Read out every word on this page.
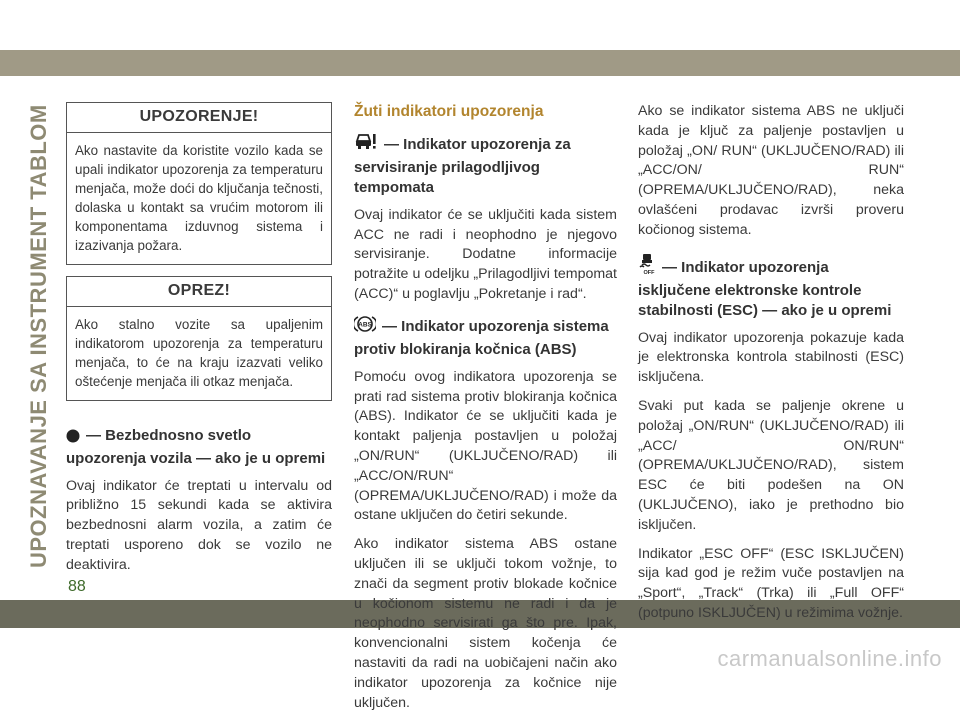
UPOZNAVANJE SA INSTRUMENT TABLOM
88
carmanualsonline.info
UPOZORENJE!

Ako nastavite da koristite vozilo kada se upali indikator upozorenja za temperaturu menjača, može doći do ključanja tečnosti, dolaska u kontakt sa vrućim motorom ili komponentama izduvnog sistema i izazivanja požara.

OPREZ!

Ako stalno vozite sa upaljenim indikatorom upozorenja za temperaturu menjača, to će na kraju izazvati veliko oštećenje menjača ili otkaz menjača.

— Bezbednosno svetlo upozorenja vozila — ako je u opremi

Ovaj indikator će treptati u intervalu od približno 15 sekundi kada se aktivira bezbednosni alarm vozila, a zatim će treptati usporeno dok se vozilo ne deaktivira.

Žuti indikatori upozorenja
— Indikator upozorenja za servisiranje prilagodljivog tempomata

Ovaj indikator će se uključiti kada sistem ACC ne radi i neophodno je njegovo servisiranje. Dodatne informacije potražite u odeljku „Prilagodljivi tempomat (ACC)“ u poglavlju „Pokretanje i rad“.

ABS — Indikator upozorenja sistema protiv blokiranja kočnica (ABS)

Pomoću ovog indikatora upozorenja se prati rad sistema protiv blokiranja kočnica (ABS). Indikator će se uključiti kada je kontakt paljenja postavljen u položaj „ON/RUN“ (UKLJUČENO/RAD) ili „ACC/ON/RUN“ (OPREMA/UKLJUČENO/RAD) i može da ostane uključen do četiri sekunde.

Ako indikator sistema ABS ostane uključen ili se uključi tokom vožnje, to znači da segment protiv blokade kočnice u kočionom sistemu ne radi i da je neophodno servisirati ga što pre. Ipak, konvencionalni sistem kočenja će nastaviti da radi na uobičajeni način ako indikator upozorenja za kočnice nije uključen.

Ako se indikator sistema ABS ne uključi kada je ključ za paljenje postavljen u položaj „ON/ RUN“ (UKLJUČENO/RAD) ili „ACC/ON/ RUN“ (OPREMA/UKLJUČENO/RAD), neka ovlašćeni prodavac izvrši proveru kočionog sistema.

OFF — Indikator upozorenja isključene elektronske kontrole stabilnosti (ESC) — ako je u opremi

Ovaj indikator upozorenja pokazuje kada je elektronska kontrola stabilnosti (ESC) isključena.

Svaki put kada se paljenje okrene u položaj „ON/RUN“ (UKLJUČENO/RAD) ili „ACC/ ON/RUN“ (OPREMA/UKLJUČENO/RAD), sistem ESC će biti podešen na ON (UKLJUČENO), iako je prethodno bio isključen.

Indikator „ESC OFF“ (ESC ISKLJUČEN) sija kad god je režim vuče postavljen na „Sport“, „Track“ (Trka) ili „Full OFF“ (potpuno ISKLJUČEN) u režimima vožnje.
